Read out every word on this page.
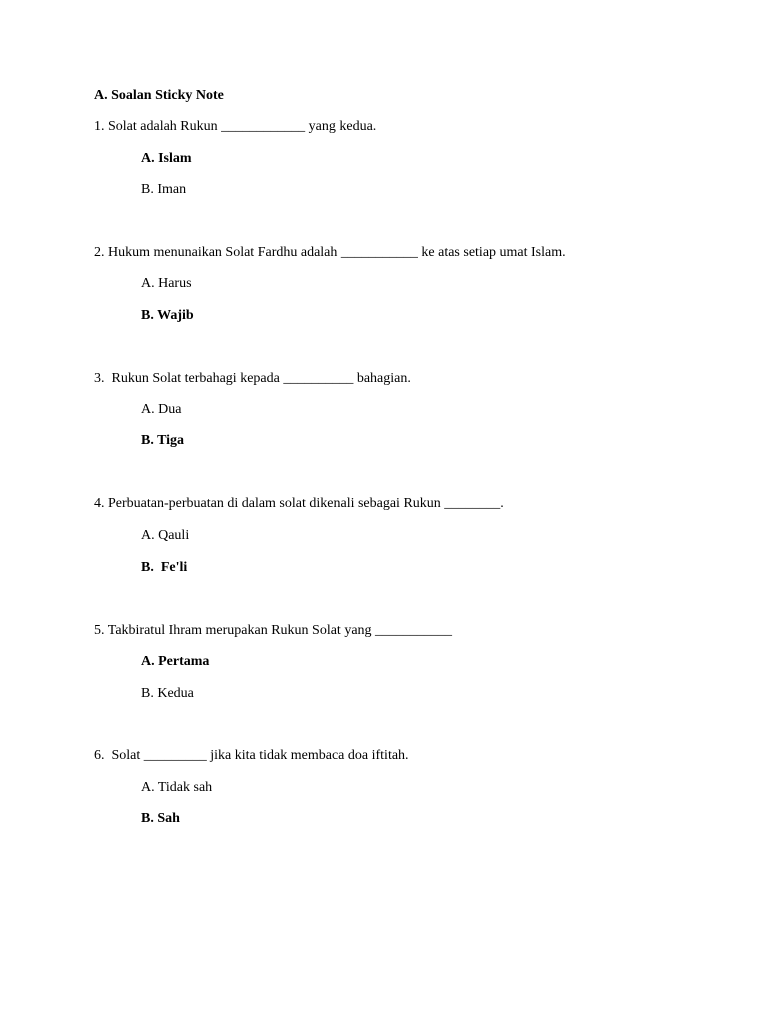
A. Soalan Sticky Note
1. Solat adalah Rukun ____________ yang kedua.
A. Islam
B. Iman
2. Hukum menunaikan Solat Fardhu adalah ___________ ke atas setiap umat Islam.
A. Harus
B. Wajib
3.  Rukun Solat terbahagi kepada __________ bahagian.
A. Dua
B. Tiga
4. Perbuatan-perbuatan di dalam solat dikenali sebagai Rukun ________.
A. Qauli
B.  Fe'li
5. Takbiratul Ihram merupakan Rukun Solat yang ___________
A. Pertama
B. Kedua
6.  Solat _________ jika kita tidak membaca doa iftitah.
A. Tidak sah
B. Sah
